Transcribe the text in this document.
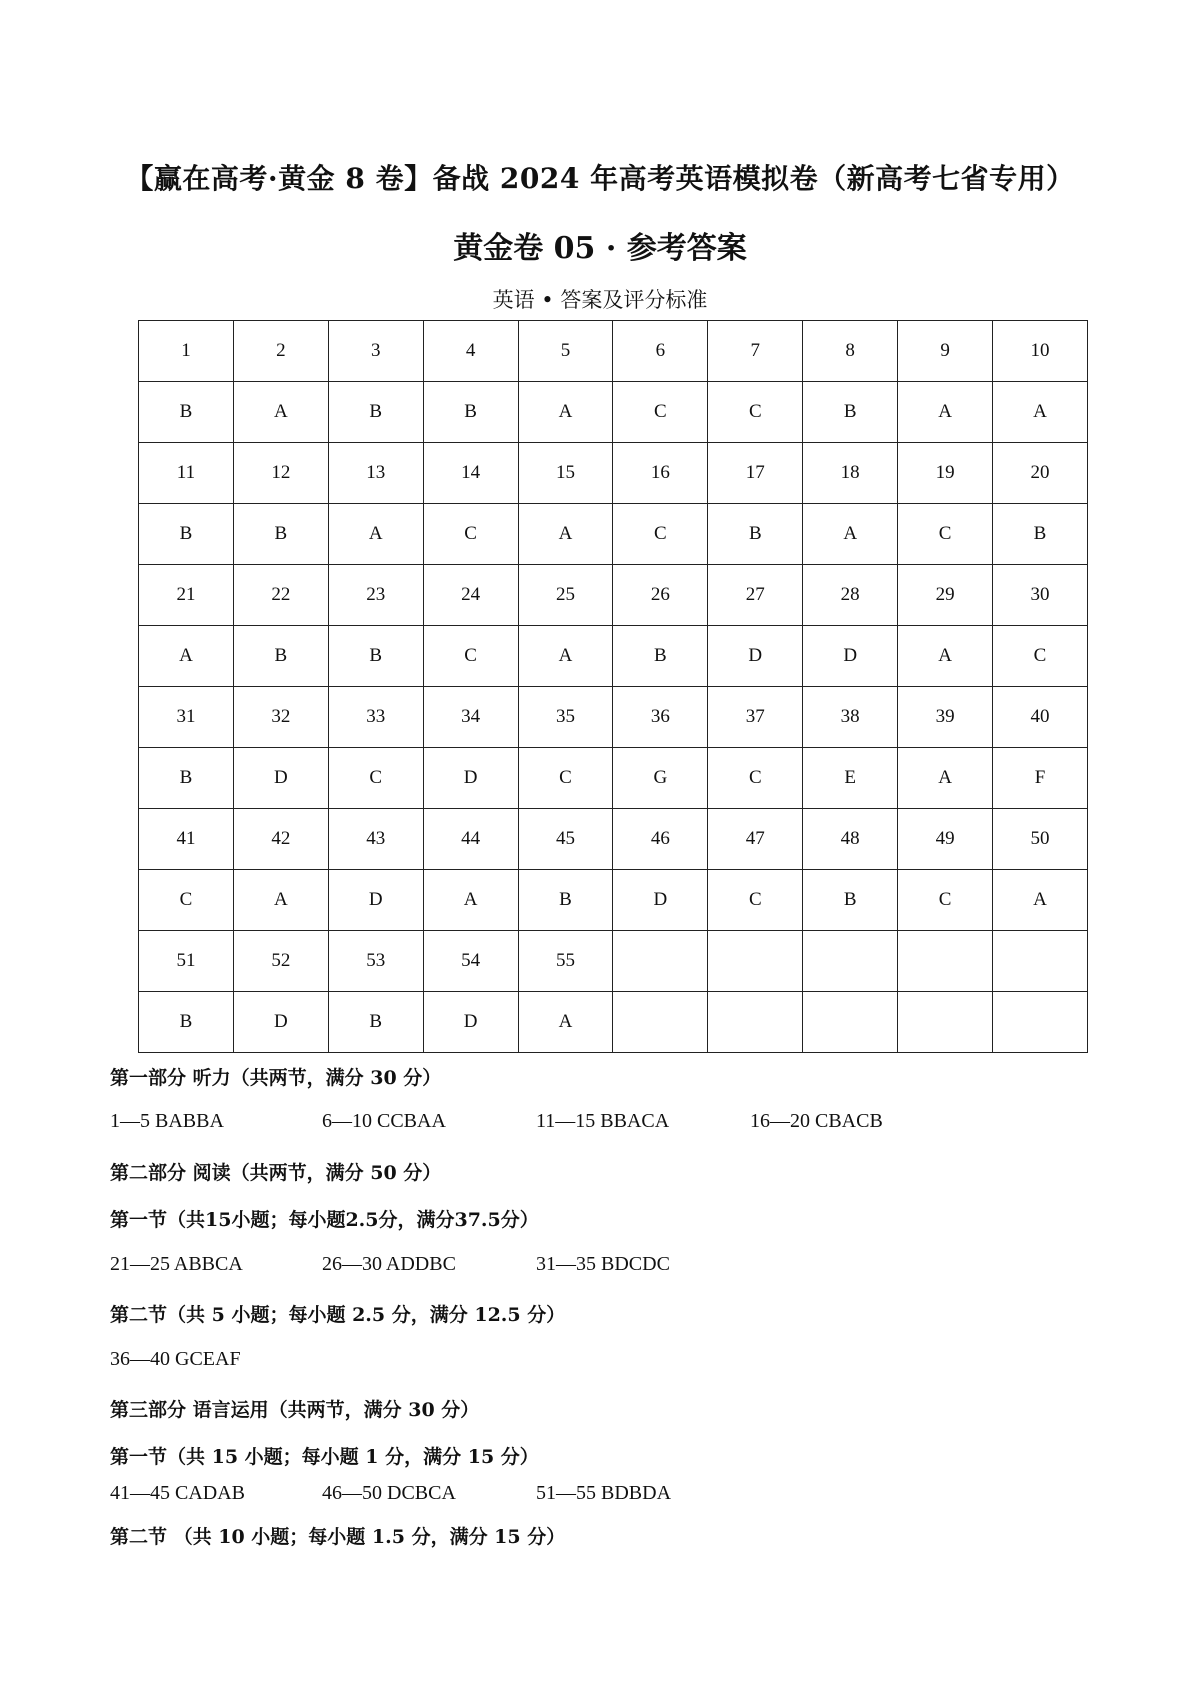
【赢在高考·黄金 8 卷】备战 2024 年高考英语模拟卷（新高考七省专用）
黄金卷 05 · 参考答案
英语 • 答案及评分标准
1	2	3	4	5	6	7	8	9	10
B	A	B	B	A	C	C	B	A	A
11	12	13	14	15	16	17	18	19	20
B	B	A	C	A	C	B	A	C	B
21	22	23	24	25	26	27	28	29	30
A	B	B	C	A	B	D	D	A	C
31	32	33	34	35	36	37	38	39	40
B	D	C	D	C	G	C	E	A	F
41	42	43	44	45	46	47	48	49	50
C	A	D	A	B	D	C	B	C	A
51	52	53	54	55					
B	D	B	D	A					
第一部分 听力（共两节，满分 30 分）
1—5 BABBA	6—10 CCBAA	11—15 BBACA	16—20 CBACB
第二部分 阅读（共两节，满分 50 分）
第一节（共15小题；每小题2.5分，满分37.5分）
21—25 ABBCA	26—30 ADDBC	31—35 BDCDC
第二节（共 5 小题；每小题 2.5 分，满分 12.5 分）
36—40 GCEAF
第三部分 语言运用（共两节，满分 30 分）
第一节（共 15 小题；每小题 1 分，满分 15 分）
41—45 CADAB	46—50 DCBCA	51—55 BDBDA
第二节 （共 10 小题；每小题 1.5 分，满分 15 分）
